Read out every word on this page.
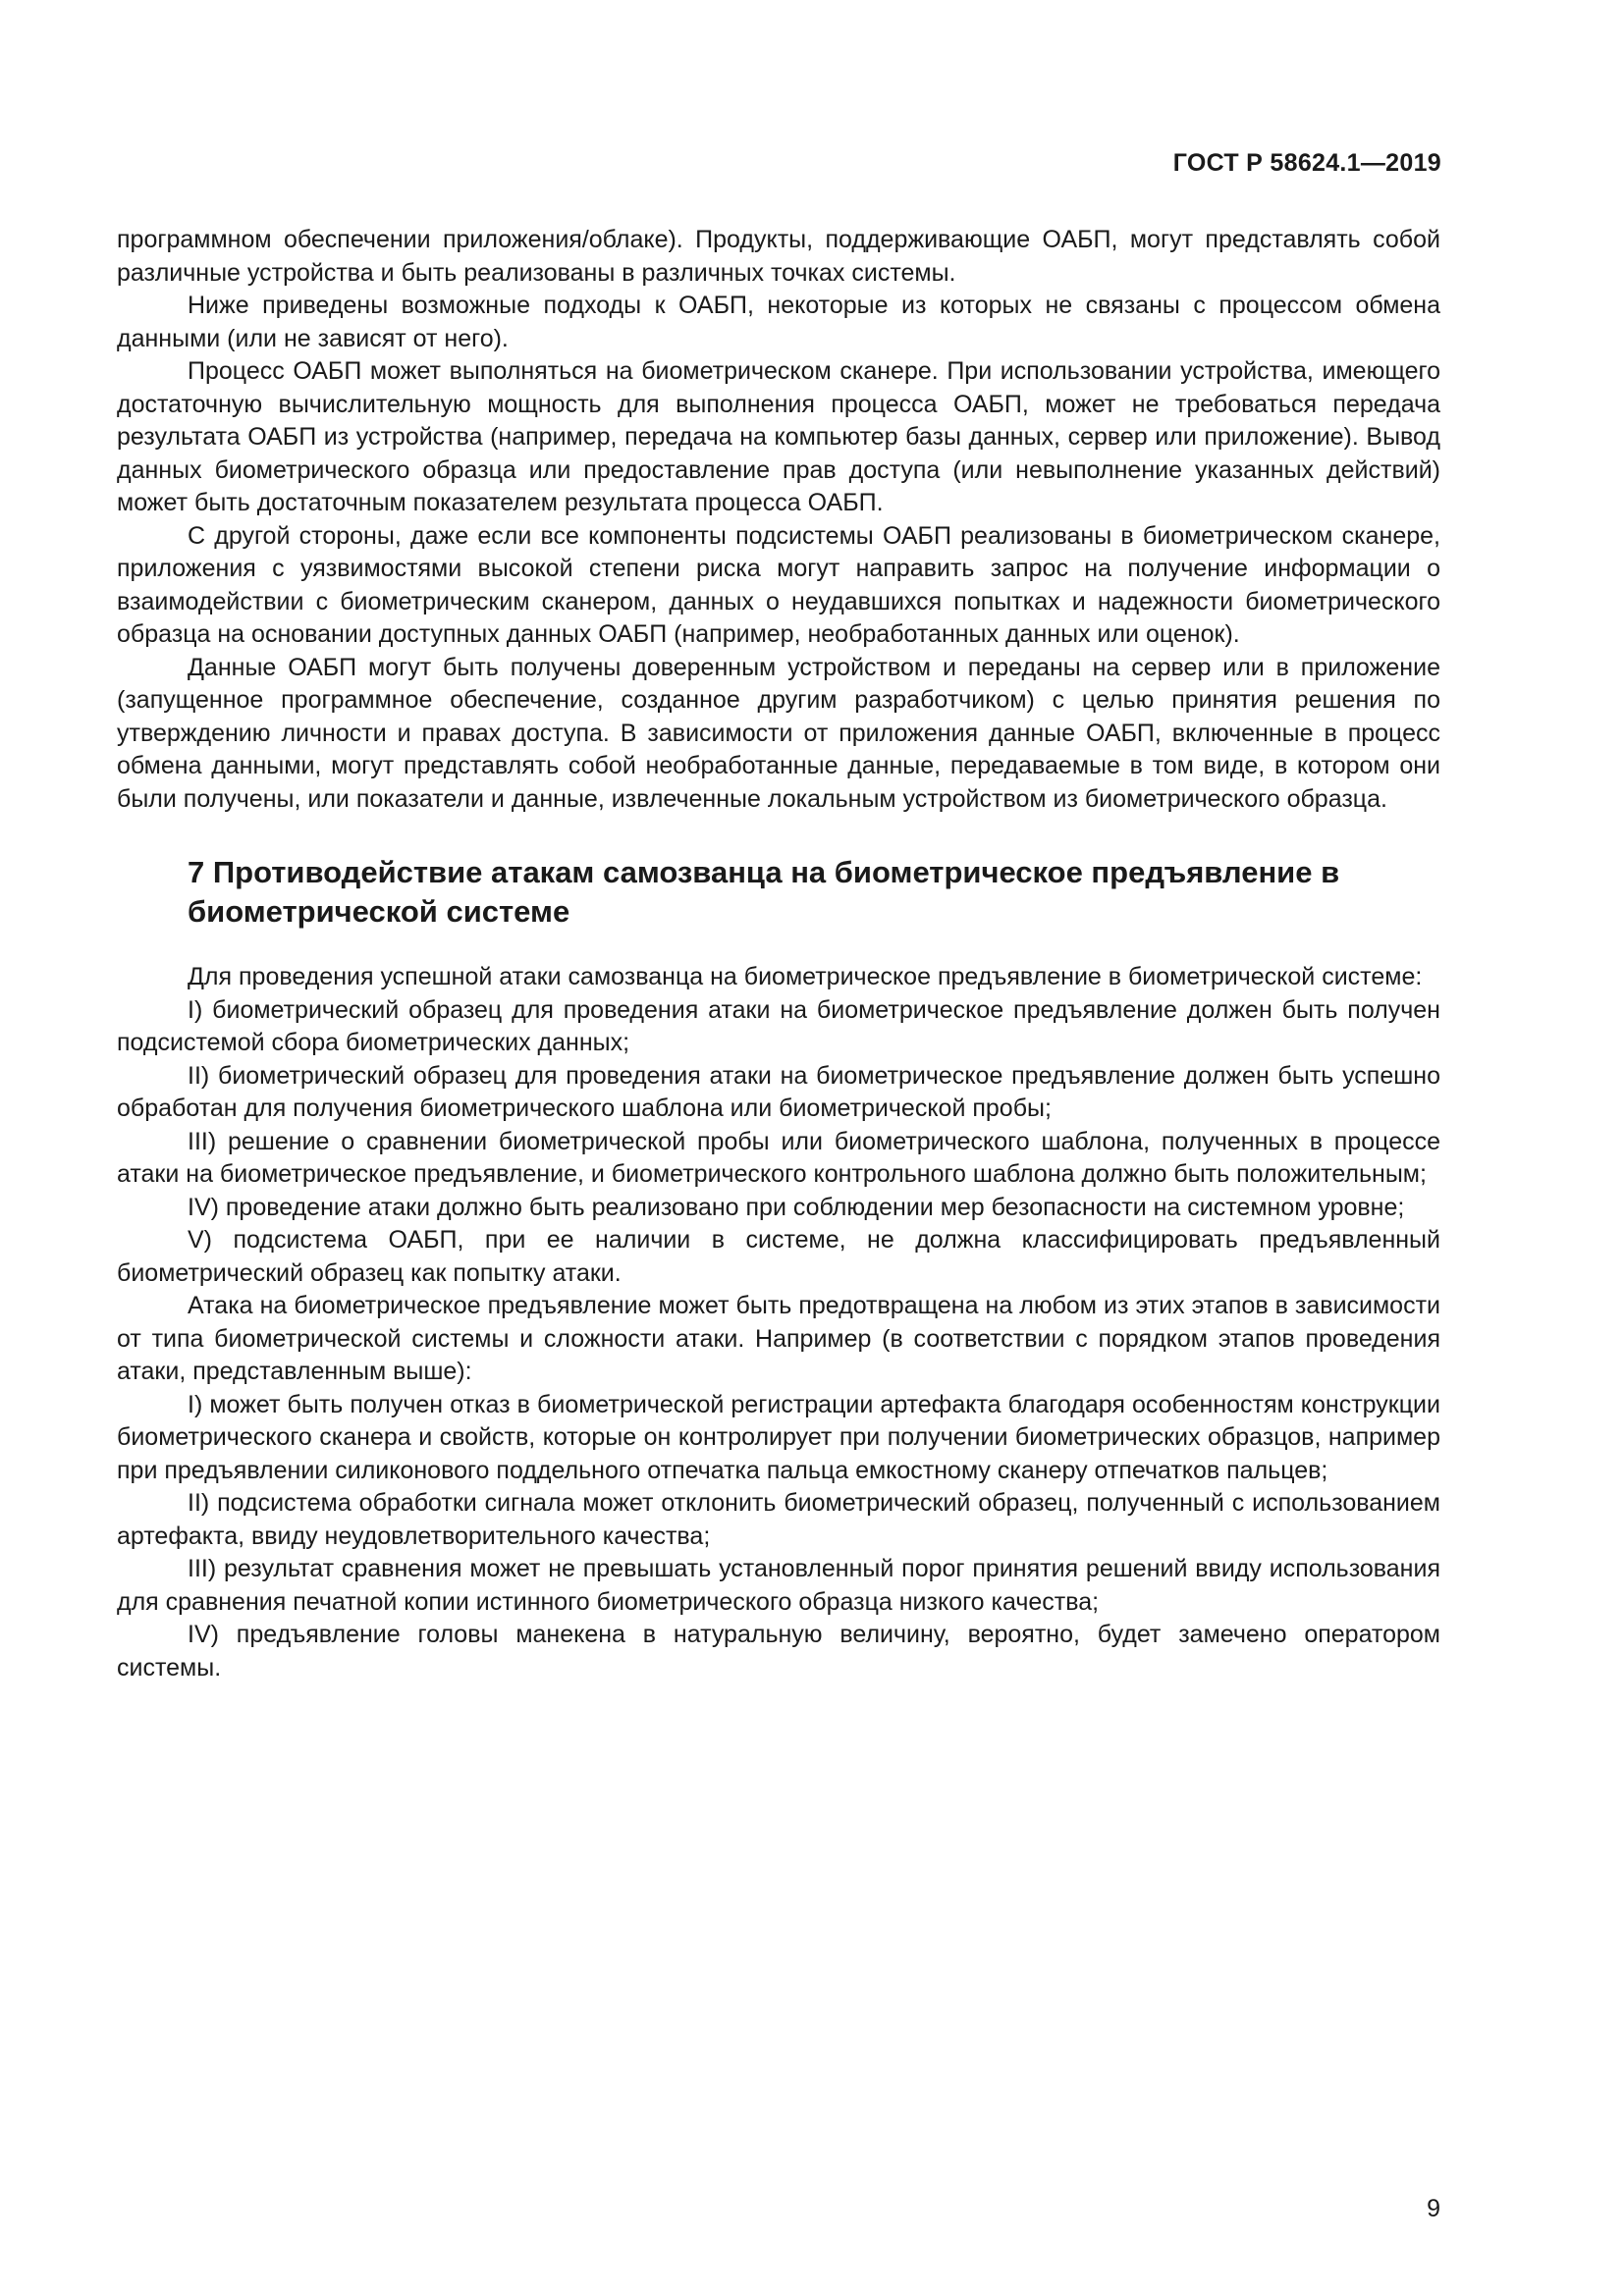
ГОСТ Р 58624.1—2019

программном обеспечении приложения/облаке). Продукты, поддерживающие ОАБП, могут представлять собой различные устройства и быть реализованы в различных точках системы.

Ниже приведены возможные подходы к ОАБП, некоторые из которых не связаны с процессом обмена данными (или не зависят от него).

Процесс ОАБП может выполняться на биометрическом сканере. При использовании устройства, имеющего достаточную вычислительную мощность для выполнения процесса ОАБП, может не требоваться передача результата ОАБП из устройства (например, передача на компьютер базы данных, сервер или приложение). Вывод данных биометрического образца или предоставление прав доступа (или невыполнение указанных действий) может быть достаточным показателем результата процесса ОАБП.

С другой стороны, даже если все компоненты подсистемы ОАБП реализованы в биометрическом сканере, приложения с уязвимостями высокой степени риска могут направить запрос на получение информации о взаимодействии с биометрическим сканером, данных о неудавшихся попытках и надежности биометрического образца на основании доступных данных ОАБП (например, необработанных данных или оценок).

Данные ОАБП могут быть получены доверенным устройством и переданы на сервер или в приложение (запущенное программное обеспечение, созданное другим разработчиком) с целью принятия решения по утверждению личности и правах доступа. В зависимости от приложения данные ОАБП, включенные в процесс обмена данными, могут представлять собой необработанные данные, передаваемые в том виде, в котором они были получены, или показатели и данные, извлеченные локальным устройством из биометрического образца.

7 Противодействие атакам самозванца на биометрическое предъявление в биометрической системе

Для проведения успешной атаки самозванца на биометрическое предъявление в биометрической системе:

I) биометрический образец для проведения атаки на биометрическое предъявление должен быть получен подсистемой сбора биометрических данных;

II) биометрический образец для проведения атаки на биометрическое предъявление должен быть успешно обработан для получения биометрического шаблона или биометрической пробы;

III) решение о сравнении биометрической пробы или биометрического шаблона, полученных в процессе атаки на биометрическое предъявление, и биометрического контрольного шаблона должно быть положительным;

IV) проведение атаки должно быть реализовано при соблюдении мер безопасности на системном уровне;

V) подсистема ОАБП, при ее наличии в системе, не должна классифицировать предъявленный биометрический образец как попытку атаки.

Атака на биометрическое предъявление может быть предотвращена на любом из этих этапов в зависимости от типа биометрической системы и сложности атаки. Например (в соответствии с порядком этапов проведения атаки, представленным выше):

I) может быть получен отказ в биометрической регистрации артефакта благодаря особенностям конструкции биометрического сканера и свойств, которые он контролирует при получении биометрических образцов, например при предъявлении силиконового поддельного отпечатка пальца емкостному сканеру отпечатков пальцев;

II) подсистема обработки сигнала может отклонить биометрический образец, полученный с использованием артефакта, ввиду неудовлетворительного качества;

III) результат сравнения может не превышать установленный порог принятия решений ввиду использования для сравнения печатной копии истинного биометрического образца низкого качества;

IV) предъявление головы манекена в натуральную величину, вероятно, будет замечено оператором системы.

9
